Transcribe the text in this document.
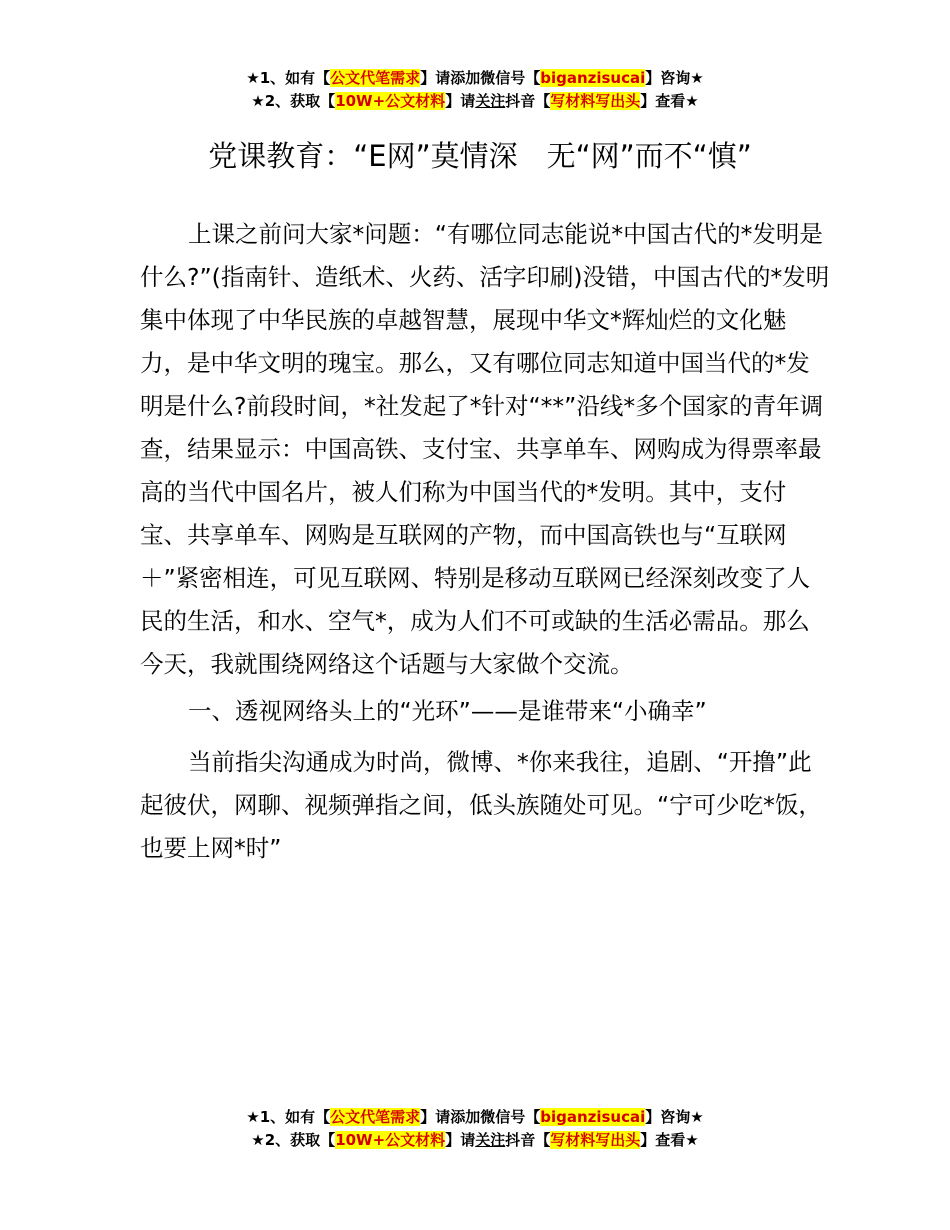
★1、如有【公文代笔需求】请添加微信号【biganzisucai】咨询★
★2、获取【10W+公文材料】请关注抖音【写材料写出头】查看★
党课教育：“E网”莫情深　无“网”而不“慎”

上课之前问大家*问题：“有哪位同志能说*中国古代的*发明是什么?”(指南针、造纸术、火药、活字印刷)没错，中国古代的*发明集中体现了中华民族的卓越智慧，展现中华文*辉灿烂的文化魅力，是中华文明的瑰宝。那么，又有哪位同志知道中国当代的*发明是什么?前段时间，*社发起了*针对“**”沿线*多个国家的青年调查，结果显示：中国高铁、支付宝、共享单车、网购成为得票率最高的当代中国名片，被人们称为中国当代的*发明。其中，支付宝、共享单车、网购是互联网的产物，而中国高铁也与“互联网＋”紧密相连，可见互联网、特别是移动互联网已经深刻改变了人民的生活，和水、空气*，成为人们不可或缺的生活必需品。那么今天，我就围绕网络这个话题与大家做个交流。

一、透视网络头上的“光环”——是谁带来“小确幸”

当前指尖沟通成为时尚，微博、*你来我往，追剧、“开撸”此起彼伏，网聊、视频弹指之间，低头族随处可见。“宁可少吃*饭，也要上网*时”

★1、如有【公文代笔需求】请添加微信号【biganzisucai】咨询★
★2、获取【10W+公文材料】请关注抖音【写材料写出头】查看★
